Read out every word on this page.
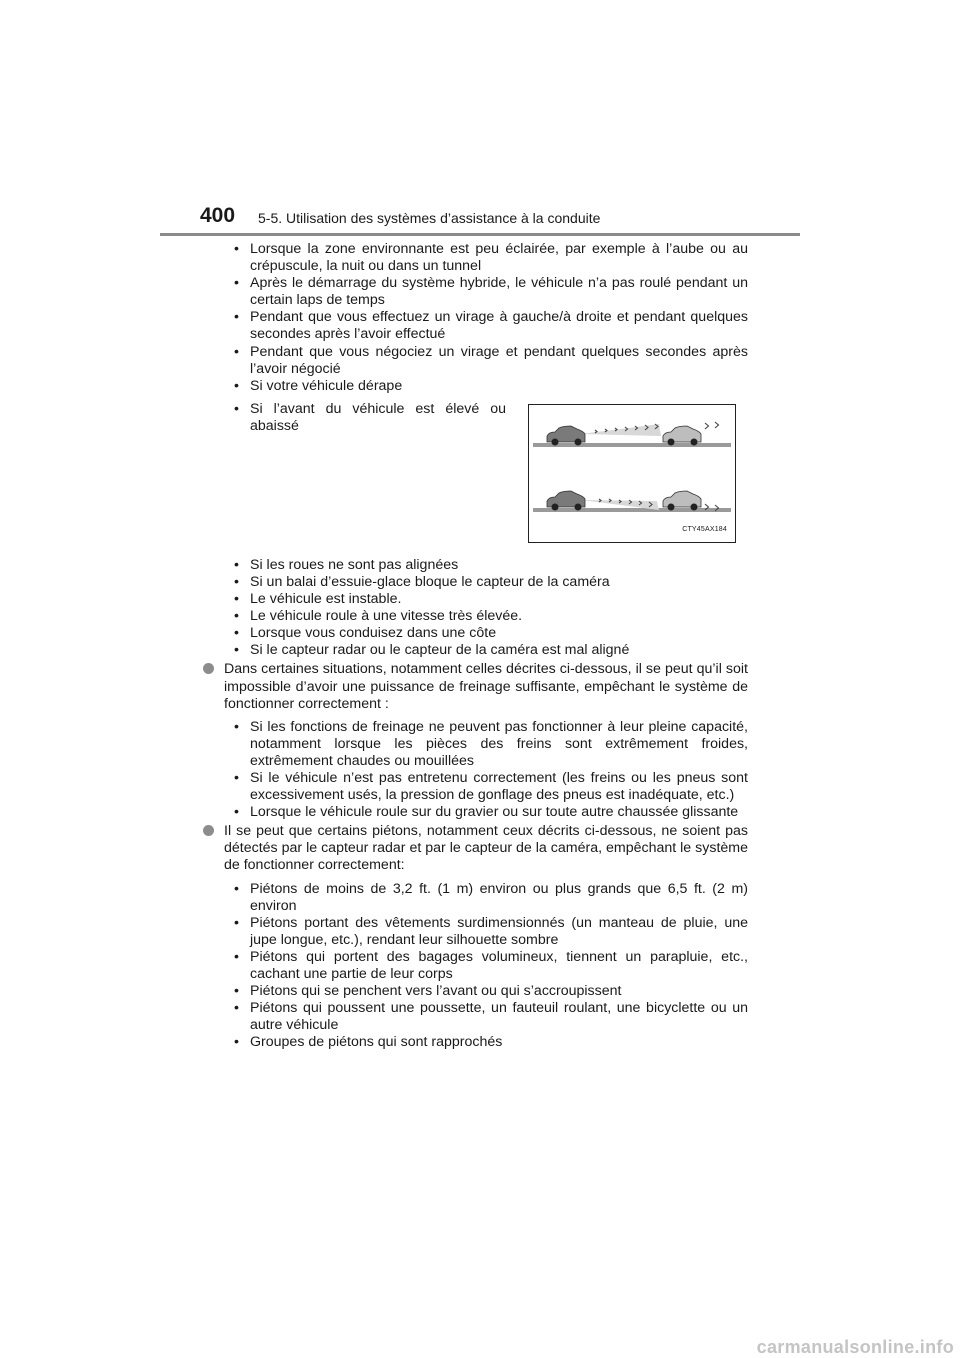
400 5-5. Utilisation des systèmes d’assistance à la conduite
• Lorsque la zone environnante est peu éclairée, par exemple à l’aube ou au crépuscule, la nuit ou dans un tunnel
• Après le démarrage du système hybride, le véhicule n’a pas roulé pendant un certain laps de temps
• Pendant que vous effectuez un virage à gauche/à droite et pendant quelques secondes après l’avoir effectué
• Pendant que vous négociez un virage et pendant quelques secondes après l’avoir négocié
• Si votre véhicule dérape
• Si l’avant du véhicule est élevé ou abaissé
CTY45AX184
• Si les roues ne sont pas alignées
• Si un balai d’essuie-glace bloque le capteur de la caméra
• Le véhicule est instable.
• Le véhicule roule à une vitesse très élevée.
• Lorsque vous conduisez dans une côte
• Si le capteur radar ou le capteur de la caméra est mal aligné
Dans certaines situations, notamment celles décrites ci-dessous, il se peut qu’il soit impossible d’avoir une puissance de freinage suffisante, empêchant le système de fonctionner correctement :
• Si les fonctions de freinage ne peuvent pas fonctionner à leur pleine capacité, notamment lorsque les pièces des freins sont extrêmement froides, extrêmement chaudes ou mouillées
• Si le véhicule n’est pas entretenu correctement (les freins ou les pneus sont excessivement usés, la pression de gonflage des pneus est inadéquate, etc.)
• Lorsque le véhicule roule sur du gravier ou sur toute autre chaussée glissante
Il se peut que certains piétons, notamment ceux décrits ci-dessous, ne soient pas détectés par le capteur radar et par le capteur de la caméra, empêchant le système de fonctionner correctement:
• Piétons de moins de 3,2 ft. (1 m) environ ou plus grands que 6,5 ft. (2 m) environ
• Piétons portant des vêtements surdimensionnés (un manteau de pluie, une jupe longue, etc.), rendant leur silhouette sombre
• Piétons qui portent des bagages volumineux, tiennent un parapluie, etc., cachant une partie de leur corps
• Piétons qui se penchent vers l’avant ou qui s’accroupissent
• Piétons qui poussent une poussette, un fauteuil roulant, une bicyclette ou un autre véhicule
• Groupes de piétons qui sont rapprochés
carmanualsonline.info
